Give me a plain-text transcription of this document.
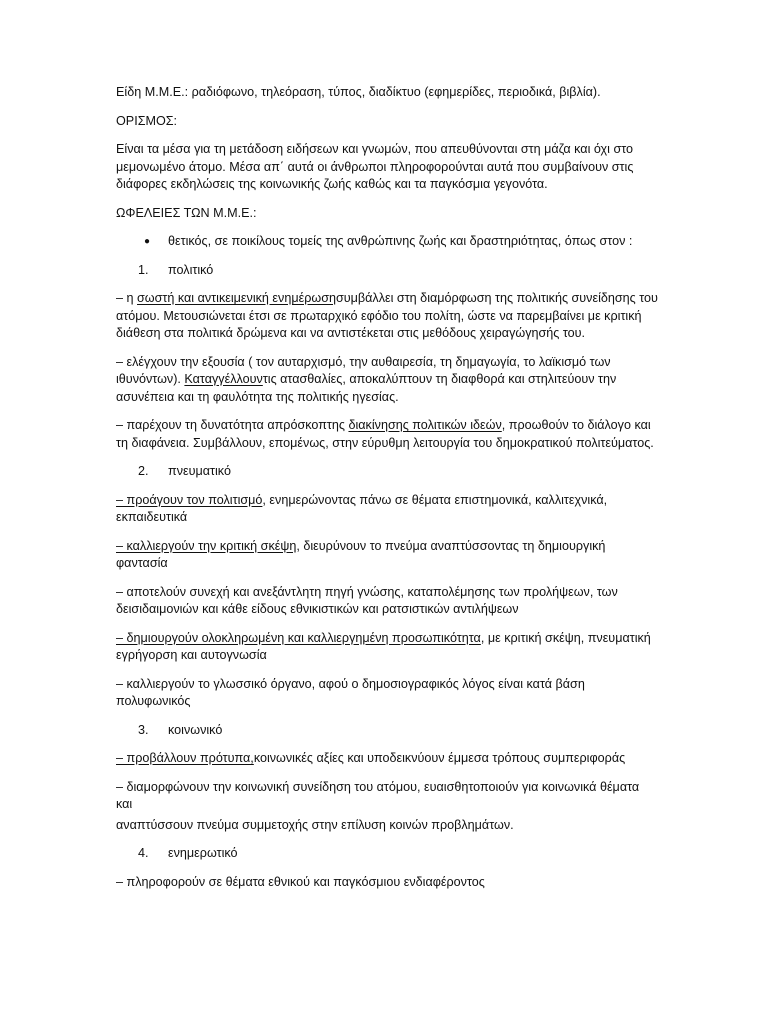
Είδη Μ.Μ.Ε.: ραδιόφωνο, τηλεόραση, τύπος, διαδίκτυο (εφημερίδες, περιοδικά, βιβλία).

ΟΡΙΣΜΟΣ:

Είναι τα μέσα για τη μετάδοση ειδήσεων και γνωμών, που απευθύνονται στη μάζα και όχι στο μεμονωμένο άτομο. Μέσα απ΄ αυτά οι άνθρωποι πληροφορούνται αυτά που συμβαίνουν στις διάφορες εκδηλώσεις της κοινωνικής ζωής καθώς και τα παγκόσμια γεγονότα.

ΩΦΕΛΕΙΕΣ ΤΩΝ Μ.Μ.Ε.:

●	θετικός, σε ποικίλους τομείς της ανθρώπινης ζωής και δραστηριότητας, όπως στον :
1.	πολιτικό

– η σωστή και αντικειμενική ενημέρωσησυμβάλλει στη διαμόρφωση της πολιτικής συνείδησης του ατόμου. Μετουσιώνεται έτσι σε πρωταρχικό εφόδιο του πολίτη, ώστε να παρεμβαίνει με κριτική διάθεση στα πολιτικά δρώμενα και να αντιστέκεται στις μεθόδους χειραγώγησής του.

– ελέγχουν την εξουσία ( τον αυταρχισμό, την αυθαιρεσία, τη δημαγωγία, το λαϊκισμό των ιθυνόντων). Καταγγέλλουντις ατασθαλίες, αποκαλύπτουν τη διαφθορά και στηλιτεύουν την ασυνέπεια και τη φαυλότητα της πολιτικής ηγεσίας.

– παρέχουν τη δυνατότητα απρόσκοπτης διακίνησης πολιτικών ιδεών, προωθούν το διάλογο και τη διαφάνεια. Συμβάλλουν, επομένως, στην εύρυθμη λειτουργία του δημοκρατικού πολιτεύματος.

2.	πνευματικό

– προάγουν τον πολιτισμό, ενημερώνοντας πάνω σε θέματα επιστημονικά, καλλιτεχνικά, εκπαιδευτικά

– καλλιεργούν την κριτική σκέψη, διευρύνουν το πνεύμα αναπτύσσοντας τη δημιουργική φαντασία

– αποτελούν συνεχή και ανεξάντλητη πηγή γνώσης, καταπολέμησης των προλήψεων, των δεισιδαιμονιών και κάθε είδους εθνικιστικών και ρατσιστικών αντιλήψεων

– δημιουργούν ολοκληρωμένη και καλλιεργημένη προσωπικότητα, με κριτική σκέψη, πνευματική εγρήγορση και αυτογνωσία

– καλλιεργούν το γλωσσικό όργανο, αφού ο δημοσιογραφικός λόγος είναι κατά βάση πολυφωνικός

3.	κοινωνικό

– προβάλλουν πρότυπα,κοινωνικές αξίες και υποδεικνύουν έμμεσα τρόπους συμπεριφοράς

– διαμορφώνουν την κοινωνική συνείδηση του ατόμου, ευαισθητοποιούν για κοινωνικά θέματα και

αναπτύσσουν πνεύμα συμμετοχής στην επίλυση κοινών προβλημάτων.

4.	ενημερωτικό

– πληροφορούν σε θέματα εθνικού και παγκόσμιου ενδιαφέροντος
